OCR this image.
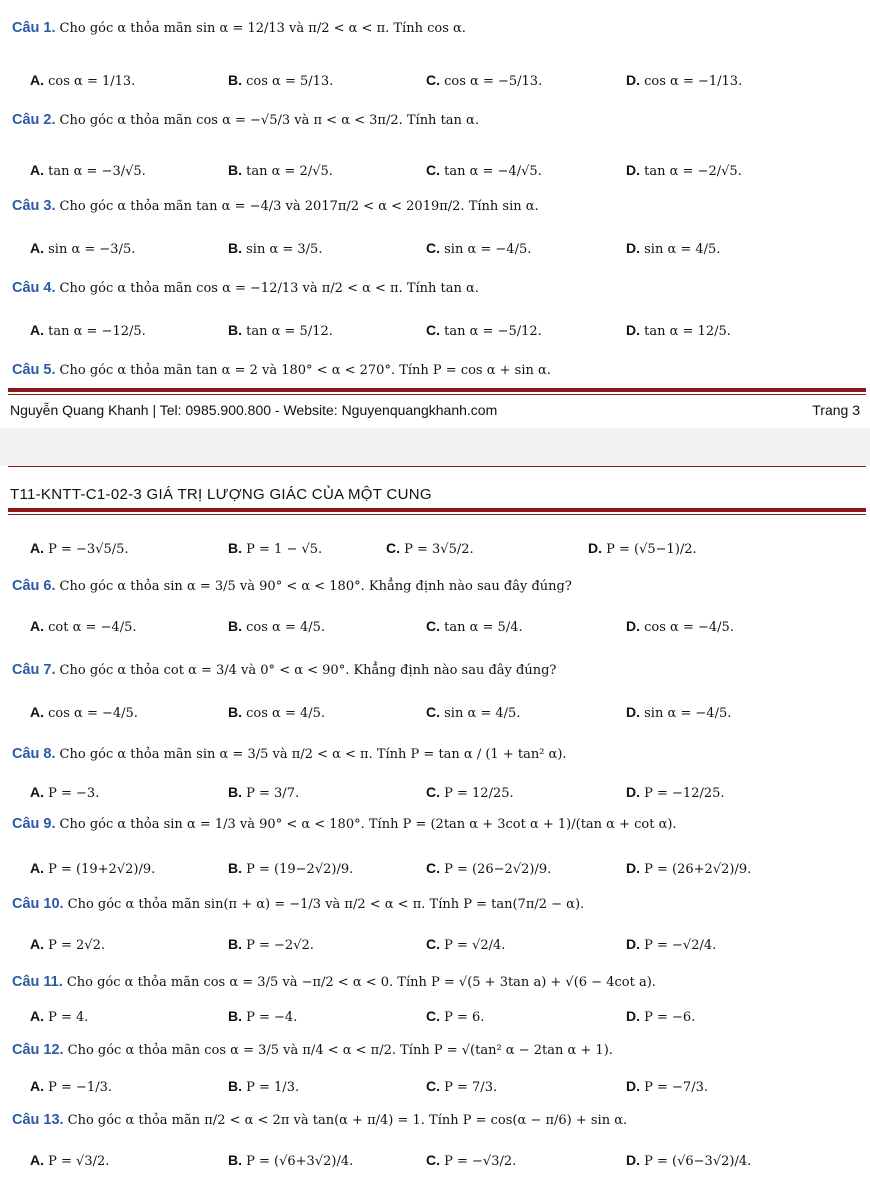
Câu 1. Cho góc α thỏa mãn sin α = 12/13 và π/2 < α < π. Tính cos α.
A. cos α = 1/13.	B. cos α = 5/13.	C. cos α = −5/13.	D. cos α = −1/13.
Câu 2. Cho góc α thỏa mãn cos α = −√5/3 và π < α < 3π/2. Tính tan α.
A. tan α = −3/√5.	B. tan α = 2/√5.	C. tan α = −4/√5.	D. tan α = −2/√5.
Câu 3. Cho góc α thỏa mãn tan α = −4/3 và 2017π/2 < α < 2019π/2. Tính sin α.
A. sin α = −3/5.	B. sin α = 3/5.	C. sin α = −4/5.	D. sin α = 4/5.
Câu 4. Cho góc α thỏa mãn cos α = −12/13 và π/2 < α < π. Tính tan α.
A. tan α = −12/5.	B. tan α = 5/12.	C. tan α = −5/12.	D. tan α = 12/5.
Câu 5. Cho góc α thỏa mãn tan α = 2 và 180° < α < 270°. Tính P = cos α + sin α.
Nguyễn Quang Khanh | Tel: 0985.900.800 - Website: Nguyenquangkhanh.com	Trang 3
T11-KNTT-C1-02-3 GIÁ TRỊ LƯỢNG GIÁC CỦA MỘT CUNG
A. P = −3√5/5.	B. P = 1 − √5.	C. P = 3√5/2.	D. P = (√5−1)/2.
Câu 6. Cho góc α thỏa sin α = 3/5 và 90° < α < 180°. Khẳng định nào sau đây đúng?
A. cot α = −4/5.	B. cos α = 4/5.	C. tan α = 5/4.	D. cos α = −4/5.
Câu 7. Cho góc α thỏa cot α = 3/4 và 0° < α < 90°. Khẳng định nào sau đây đúng?
A. cos α = −4/5.	B. cos α = 4/5.	C. sin α = 4/5.	D. sin α = −4/5.
Câu 8. Cho góc α thỏa mãn sin α = 3/5 và π/2 < α < π. Tính P = tan α / (1 + tan² α).
A. P = −3.	B. P = 3/7.	C. P = 12/25.	D. P = −12/25.
Câu 9. Cho góc α thỏa sin α = 1/3 và 90° < α < 180°. Tính P = (2tan α + 3cot α + 1)/(tan α + cot α).
A. P = (19+2√2)/9.	B. P = (19−2√2)/9.	C. P = (26−2√2)/9.	D. P = (26+2√2)/9.
Câu 10. Cho góc α thỏa mãn sin(π + α) = −1/3 và π/2 < α < π. Tính P = tan(7π/2 − α).
A. P = 2√2.	B. P = −2√2.	C. P = √2/4.	D. P = −√2/4.
Câu 11. Cho góc α thỏa mãn cos α = 3/5 và −π/2 < α < 0. Tính P = √(5 + 3tan a) + √(6 − 4cot a).
A. P = 4.	B. P = −4.	C. P = 6.	D. P = −6.
Câu 12. Cho góc α thỏa mãn cos α = 3/5 và π/4 < α < π/2. Tính P = √(tan² α − 2tan α + 1).
A. P = −1/3.	B. P = 1/3.	C. P = 7/3.	D. P = −7/3.
Câu 13. Cho góc α thỏa mãn π/2 < α < 2π và tan(α + π/4) = 1. Tính P = cos(α − π/6) + sin α.
A. P = √3/2.	B. P = (√6+3√2)/4.	C. P = −√3/2.	D. P = (√6−3√2)/4.
